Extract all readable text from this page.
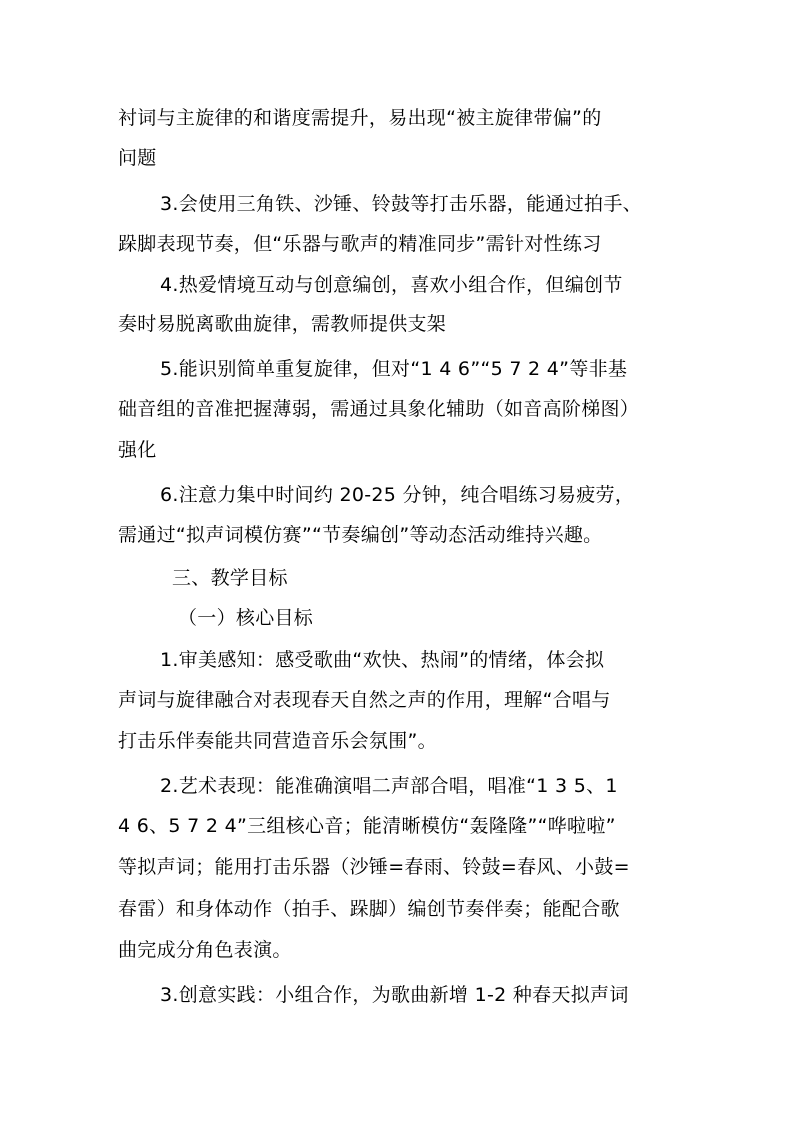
衬词与主旋律的和谐度需提升，易出现“被主旋律带偏”的
问题
3.会使用三角铁、沙锤、铃鼓等打击乐器，能通过拍手、
跺脚表现节奏，但“乐器与歌声的精准同步”需针对性练习
4.热爱情境互动与创意编创，喜欢小组合作，但编创节
奏时易脱离歌曲旋律，需教师提供支架
5.能识别简单重复旋律，但对“1 4 6”“5 7 2 4”等非基
础音组的音准把握薄弱，需通过具象化辅助（如音高阶梯图）
强化
6.注意力集中时间约 20-25 分钟，纯合唱练习易疲劳，
需通过“拟声词模仿赛”“节奏编创”等动态活动维持兴趣。
三、教学目标
（一）核心目标
1.审美感知：感受歌曲“欢快、热闹”的情绪，体会拟
声词与旋律融合对表现春天自然之声的作用，理解“合唱与
打击乐伴奏能共同营造音乐会氛围”。
2.艺术表现：能准确演唱二声部合唱，唱准“1 3 5、1
4 6、5 7 2 4”三组核心音；能清晰模仿“轰隆隆”“哗啦啦”
等拟声词；能用打击乐器（沙锤=春雨、铃鼓=春风、小鼓=
春雷）和身体动作（拍手、跺脚）编创节奏伴奏；能配合歌
曲完成分角色表演。
3.创意实践：小组合作，为歌曲新增 1-2 种春天拟声词
